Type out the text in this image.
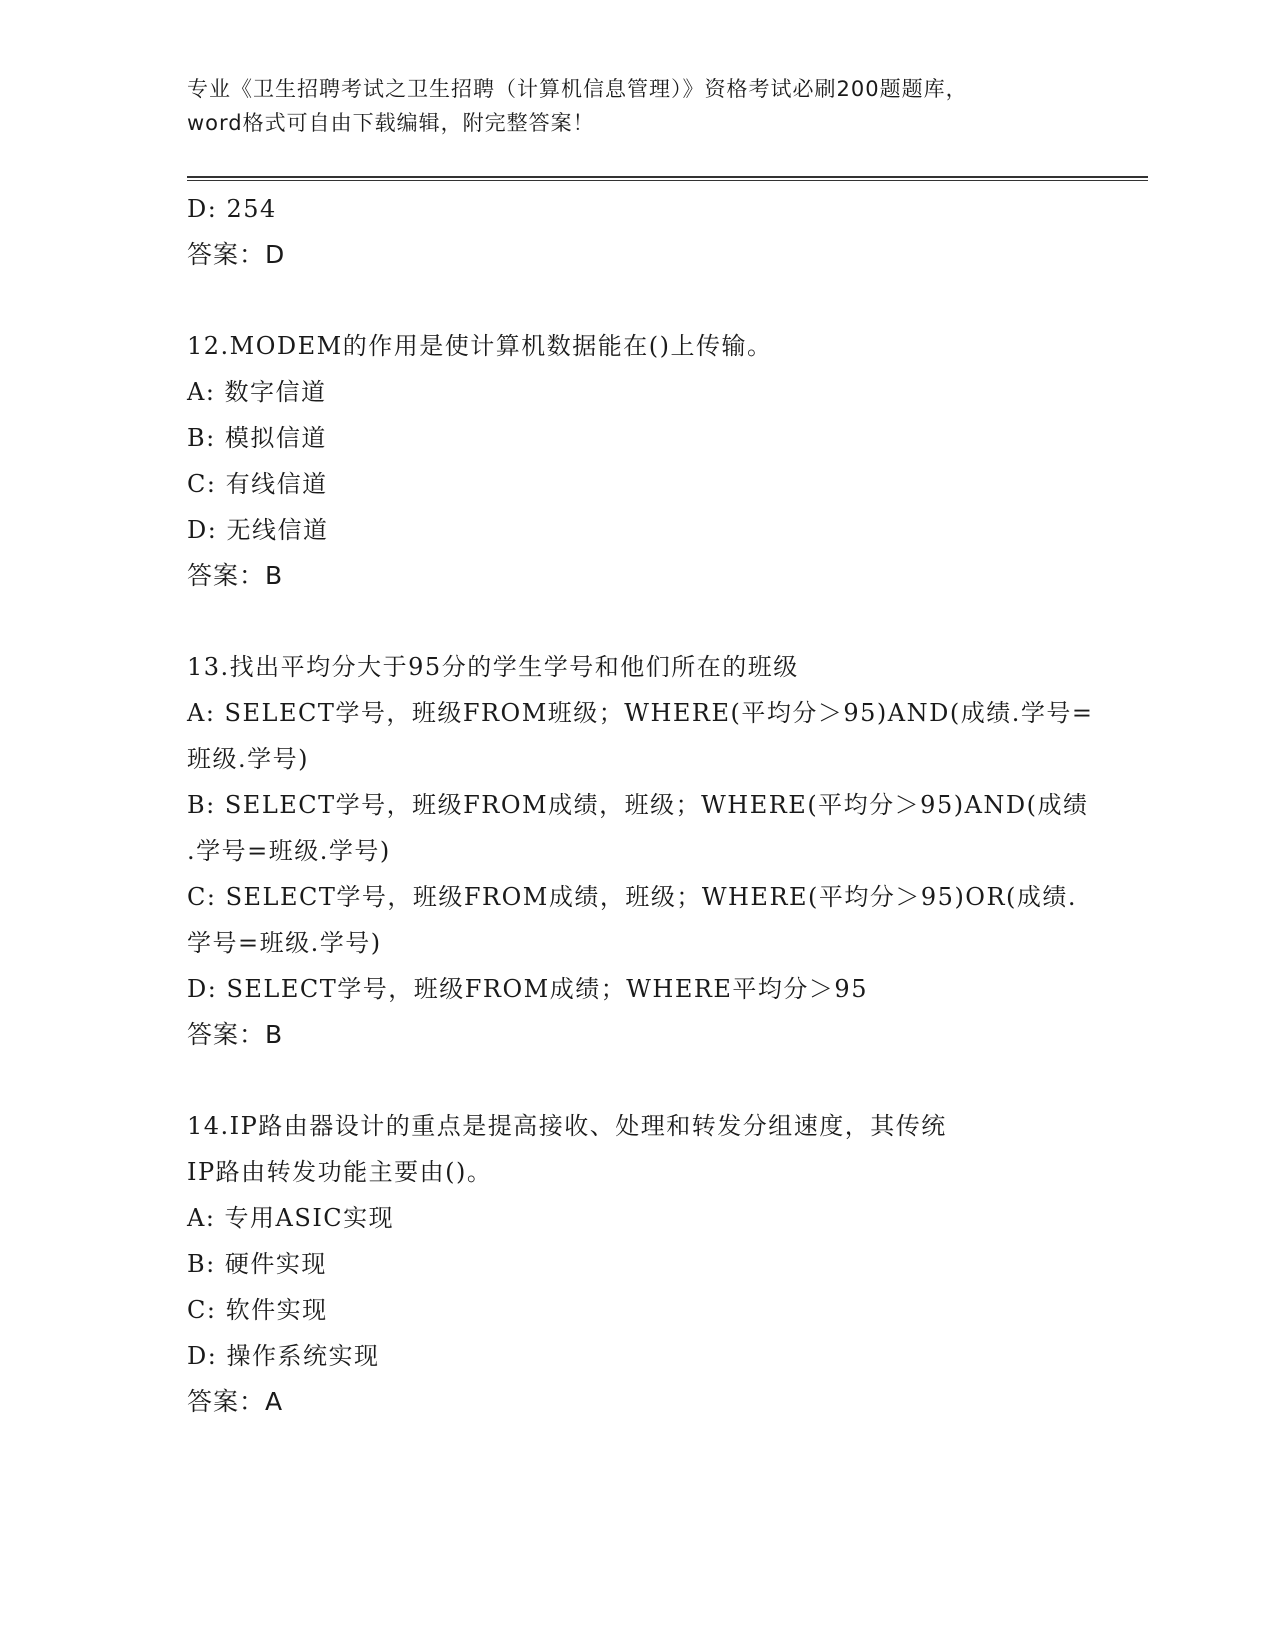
专业《卫生招聘考试之卫生招聘（计算机信息管理）》资格考试必刷200题题库，
word格式可自由下载编辑，附完整答案！
D: 254
答案：D
12.MODEM的作用是使计算机数据能在()上传输。
A: 数字信道
B: 模拟信道
C: 有线信道
D: 无线信道
答案：B
13.找出平均分大于95分的学生学号和他们所在的班级
A: SELECT学号，班级FROM班级；WHERE(平均分＞95)AND(成绩.学号=
班级.学号)
B: SELECT学号，班级FROM成绩，班级；WHERE(平均分＞95)AND(成绩
.学号=班级.学号)
C: SELECT学号，班级FROM成绩，班级；WHERE(平均分＞95)OR(成绩.
学号=班级.学号)
D: SELECT学号，班级FROM成绩；WHERE平均分＞95
答案：B
14.IP路由器设计的重点是提高接收、处理和转发分组速度，其传统
IP路由转发功能主要由()。
A: 专用ASIC实现
B: 硬件实现
C: 软件实现
D: 操作系统实现
答案：A
